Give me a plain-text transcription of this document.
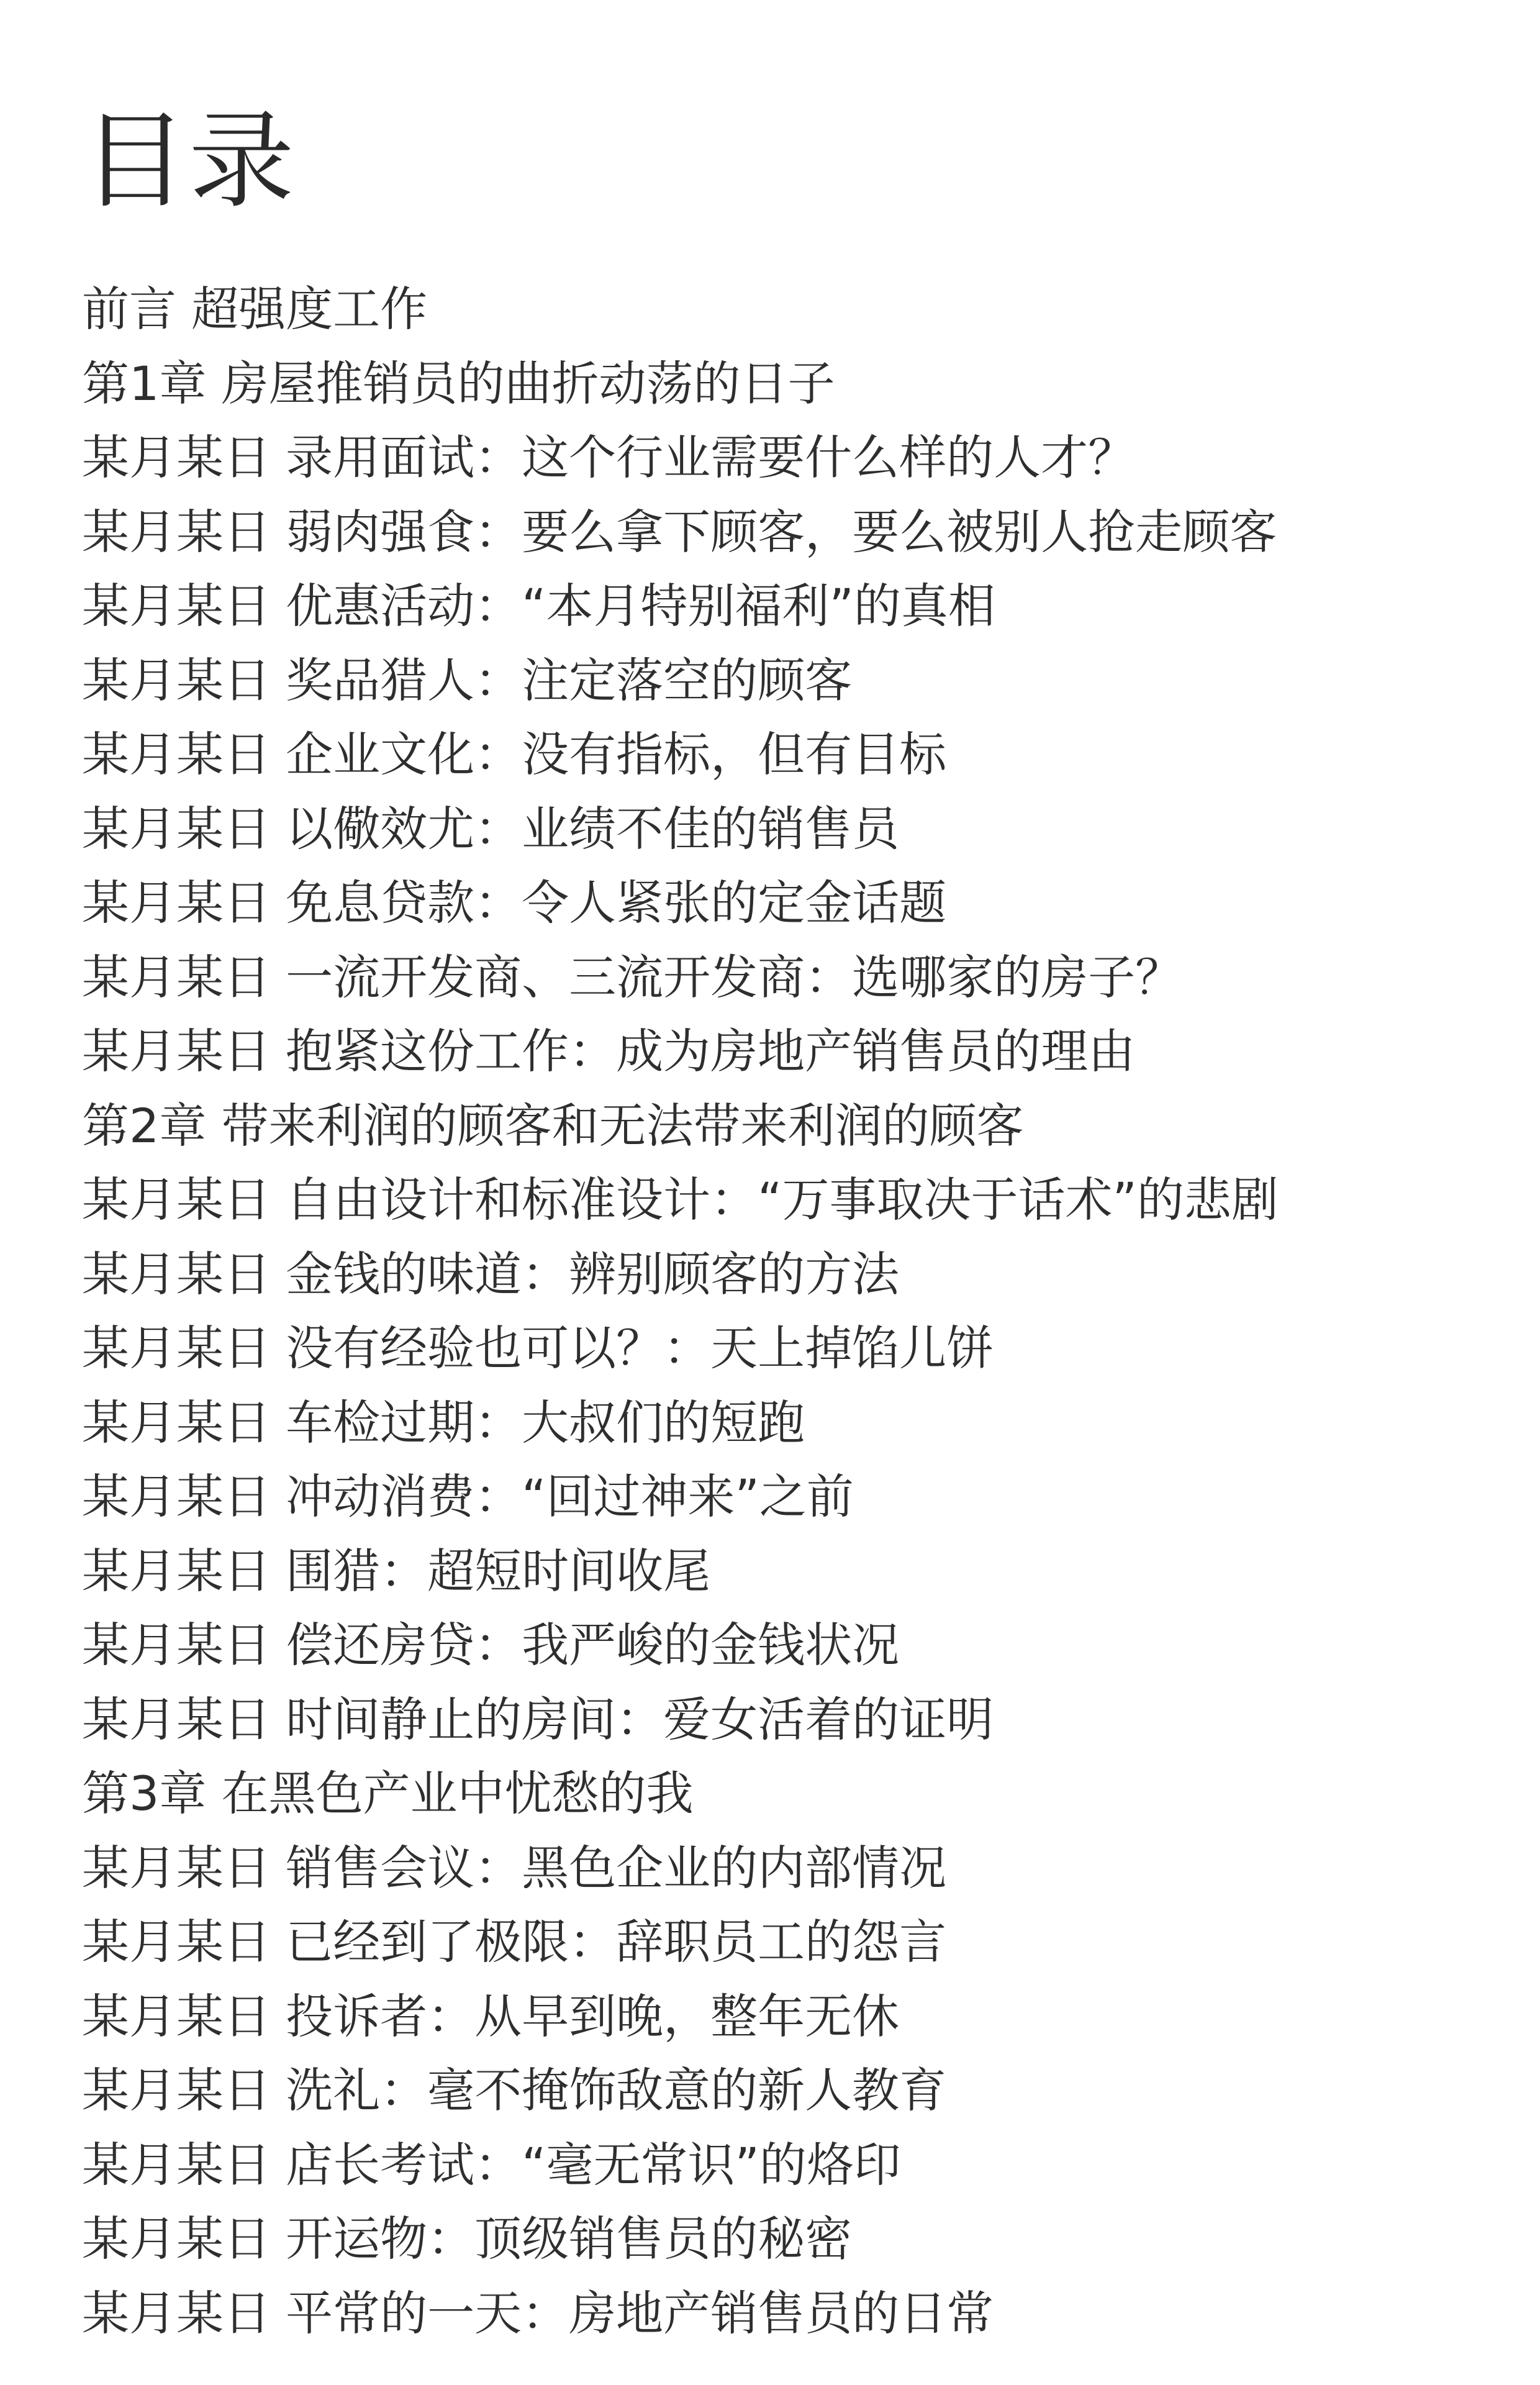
目录
前言 超强度工作
第1章 房屋推销员的曲折动荡的日子
某月某日 录用面试：这个行业需要什么样的人才？
某月某日 弱肉强食：要么拿下顾客，要么被别人抢走顾客
某月某日 优惠活动：“本月特别福利”的真相
某月某日 奖品猎人：注定落空的顾客
某月某日 企业文化：没有指标，但有目标
某月某日 以儆效尤：业绩不佳的销售员
某月某日 免息贷款：令人紧张的定金话题
某月某日 一流开发商、三流开发商：选哪家的房子？
某月某日 抱紧这份工作：成为房地产销售员的理由
第2章 带来利润的顾客和无法带来利润的顾客
某月某日 自由设计和标准设计：“万事取决于话术”的悲剧
某月某日 金钱的味道：辨别顾客的方法
某月某日 没有经验也可以？：天上掉馅儿饼
某月某日 车检过期：大叔们的短跑
某月某日 冲动消费：“回过神来”之前
某月某日 围猎：超短时间收尾
某月某日 偿还房贷：我严峻的金钱状况
某月某日 时间静止的房间：爱女活着的证明
第3章 在黑色产业中忧愁的我
某月某日 销售会议：黑色企业的内部情况
某月某日 已经到了极限：辞职员工的怨言
某月某日 投诉者：从早到晚，整年无休
某月某日 洗礼：毫不掩饰敌意的新人教育
某月某日 店长考试：“毫无常识”的烙印
某月某日 开运物：顶级销售员的秘密
某月某日 平常的一天：房地产销售员的日常
